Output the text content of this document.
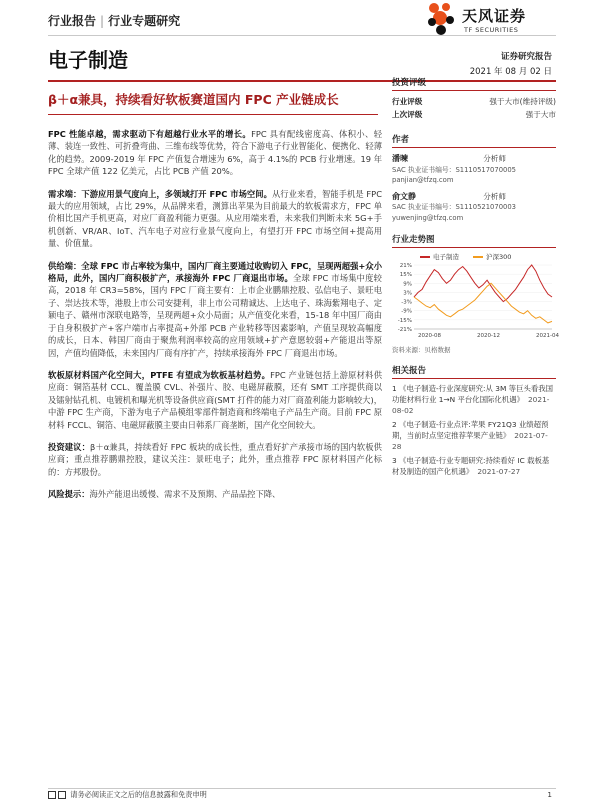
行业报告 | 行业专题研究	天风证券
TF SECURITIES
电子制造	证券研究报告
2021 年 08 月 02 日
β＋α兼具，持续看好软板赛道国内 FPC 产业链成长

FPC 性能卓越，需求驱动下有超越行业水平的增长。FPC 具有配线密度高、体积小、轻薄、装连一致性、可折叠弯曲、三维布线等优势，符合下游电子行业智能化、便携化、轻薄化的趋势。2009-2019 年 FPC 产值复合增速为 6%，高于 4.1%的 PCB 行业增速。19 年 FPC 全球产值 122 亿美元，占比 PCB 产值 20%。

需求端：下游应用景气度向上，多领域打开 FPC 市场空间。从行业来看，智能手机是 FPC 最大的应用领域，占比 29%，从品牌来看，测算出苹果为目前最大的软板需求方，FPC 单价相比国产手机更高，对应厂商盈利能力更强。从应用端来看，未来我们判断未来 5G+手机创新、VR/AR、IoT、汽车电子对应行业景气度向上，有望打开 FPC 市场空间+提高用量、价值量。

供给端：全球 FPC 市占率较为集中，国内厂商主要通过收购切入 FPC，呈现两超强+众小格局，此外，国内厂商积极扩产，承接海外 FPC 厂商退出市场。全球 FPC 市场集中度较高，2018 年 CR3=58%，国内 FPC 厂商主要有：上市企业鹏鼎控股、弘信电子、景旺电子、崇达技术等，港股上市公司安捷利，非上市公司精诚达、上达电子、珠海紫翔电子、定颖电子、赣州市深联电路等，呈现两超+众小局面；从产值变化来看，15-18 年中国厂商由于自身积极扩产+客户端市占率提高+外部 PCB 产业转移等因素影响，产值呈现较高幅度的成长，日本、韩国厂商由于聚焦利润率较高的应用领域+扩产意愿较弱+产能退出等原因，产值均值降低，未来国内厂商有序扩产，持续承接海外 FPC 厂商退出市场。

软板原材料国产化空间大，PTFE 有望成为软板基材趋势。FPC 产业链包括上游原材料供应商：铜箔基材 CCL、覆盖膜 CVL、补强片、胶、电磁屏蔽膜，还有 SMT 工序提供商以及镭射钻孔机、电镀机和曝光机等设备供应商(SMT 打件的能力对厂商盈利能力影响较大)，中游 FPC 生产商，下游为电子产品模组零部件制造商和终端电子产品生产商。目前 FPC 原材料 FCCL、铜箔、电磁屏蔽膜主要由日韩系厂商垄断，国产化空间较大。

投资建议：β＋α兼具，持续看好 FPC 板块的成长性，重点看好扩产承接市场的国内软板供应商；重点推荐鹏鼎控股，建议关注：景旺电子；此外，重点推荐 FPC 原材料国产化标的：方邦股份。

风险提示：海外产能退出缓慢、需求不及预期、产品品控下降、

投资评级
行业评级	强于大市(维持评级)
上次评级	强于大市
作者
潘暕	分析师
SAC 执业证书编号：S1110517070005
panjian@tfzq.com
俞文静	分析师
SAC 执业证书编号：S1110521070003
yuwenjing@tfzq.com
行业走势图
电子制造	沪深300
21%
15%
9%
3%
-3%
-9%
-15%
-21%
2020-08	2020-12	2021-04
资料来源：贝格数据
相关报告
1 《电子制造-行业深度研究:从 3M 等巨头看我国功能材料行业 1→N 平台化国际化机遇》 2021-08-02
2 《电子制造-行业点评:苹果 FY21Q3 业绩超预期，当前时点坚定推荐苹果产业链》 2021-07-28
3 《电子制造-行业专题研究:持续看好 IC 载板基材及制造的国产化机遇》 2021-07-27
请务必阅读正文之后的信息披露和免责申明	1
